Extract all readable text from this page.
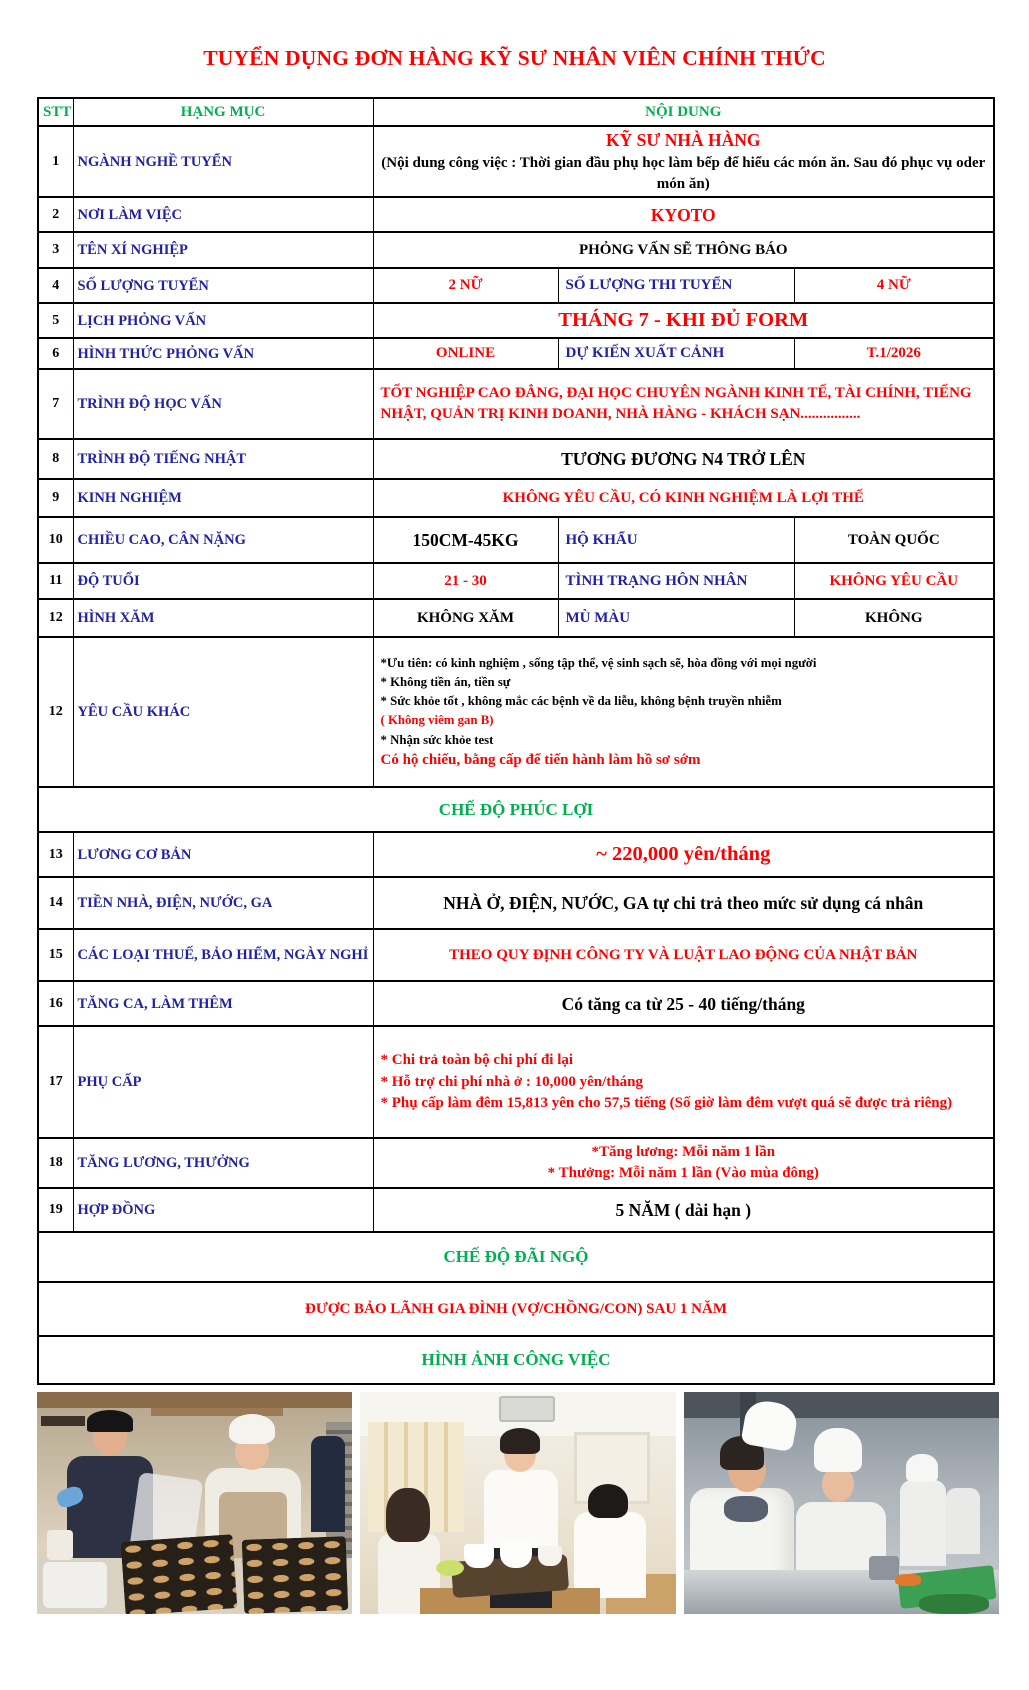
TUYỂN DỤNG ĐƠN HÀNG KỸ SƯ NHÂN VIÊN CHÍNH THỨC
STT	HẠNG MỤC	NỘI DUNG		
1	NGÀNH NGHỀ TUYỂN	KỸ SƯ NHÀ HÀNG
(Nội dung công việc : Thời gian đầu phụ học làm bếp để hiểu các món ăn. Sau đó phục vụ oder món ăn)		

2	NƠI LÀM VIỆC	KYOTO		

3	TÊN XÍ NGHIỆP	PHỎNG VẤN SẼ THÔNG BÁO		

4	SỐ LƯỢNG TUYỂN	2 NỮ	SỐ LƯỢNG THI TUYỂN	4 NỮ

5	LỊCH PHỎNG VẤN	THÁNG 7 - KHI ĐỦ FORM		

6	HÌNH THỨC PHỎNG VẤN	ONLINE	DỰ KIẾN XUẤT CẢNH	T.1/2026

7	TRÌNH ĐỘ HỌC VẤN	TỐT NGHIỆP CAO ĐẲNG, ĐẠI HỌC CHUYÊN NGÀNH KINH TẾ, TÀI CHÍNH, TIẾNG NHẬT, QUẢN TRỊ KINH DOANH, NHÀ HÀNG - KHÁCH SẠN................		

8	TRÌNH ĐỘ TIẾNG NHẬT	TƯƠNG ĐƯƠNG N4 TRỞ LÊN		

9	KINH NGHIỆM	KHÔNG YÊU CẦU, CÓ KINH NGHIỆM LÀ LỢI THẾ		

10	CHIỀU CAO, CÂN NẶNG	150CM-45KG	HỘ KHẨU	TOÀN QUỐC

11	ĐỘ TUỔI	21 - 30	TÌNH TRẠNG HÔN NHÂN	KHÔNG YÊU CẦU

12	HÌNH XĂM	KHÔNG XĂM	MÙ MÀU	KHÔNG

12	YÊU CẦU KHÁC	
*Ưu tiên: có kinh nghiệm , sống tập thể, vệ sinh sạch sẽ, hòa đồng với mọi người
* Không tiền án, tiền sự
* Sức khỏe tốt , không mắc các bệnh về da liễu, không bệnh truyền nhiễm
( Không viêm gan B)
* Nhận sức khỏe test
Có hộ chiếu, bằng cấp để tiến hành làm hồ sơ sớm

CHẾ ĐỘ PHÚC LỢI				
13	LƯƠNG CƠ BẢN	~ 220,000 yên/tháng		

14	TIỀN NHÀ, ĐIỆN, NƯỚC, GA	NHÀ Ở, ĐIỆN, NƯỚC, GA tự chi trả theo mức sử dụng cá nhân		

15	CÁC LOẠI THUẾ, BẢO HIỂM, NGÀY NGHỈ	THEO QUY ĐỊNH CÔNG TY VÀ LUẬT LAO ĐỘNG CỦA NHẬT BẢN		

16	TĂNG CA, LÀM THÊM	Có tăng ca từ 25 - 40 tiếng/tháng		

17	PHỤ CẤP	* Chi trả toàn bộ chi phí đi lại
* Hỗ trợ chi phí nhà ở : 10,000 yên/tháng
* Phụ cấp làm đêm 15,813 yên cho 57,5 tiếng (Số giờ làm đêm vượt quá sẽ được trả riêng)		

18	TĂNG LƯƠNG, THƯỞNG	*Tăng lương: Mỗi năm 1 lần
* Thưởng: Mỗi năm 1 lần (Vào mùa đông)		

19	HỢP ĐỒNG	5 NĂM ( dài hạn )		

CHẾ ĐỘ ĐÃI NGỘ				
ĐƯỢC BẢO LÃNH GIA ĐÌNH (VỢ/CHỒNG/CON) SAU 1 NĂM				
HÌNH ẢNH CÔNG VIỆC				
